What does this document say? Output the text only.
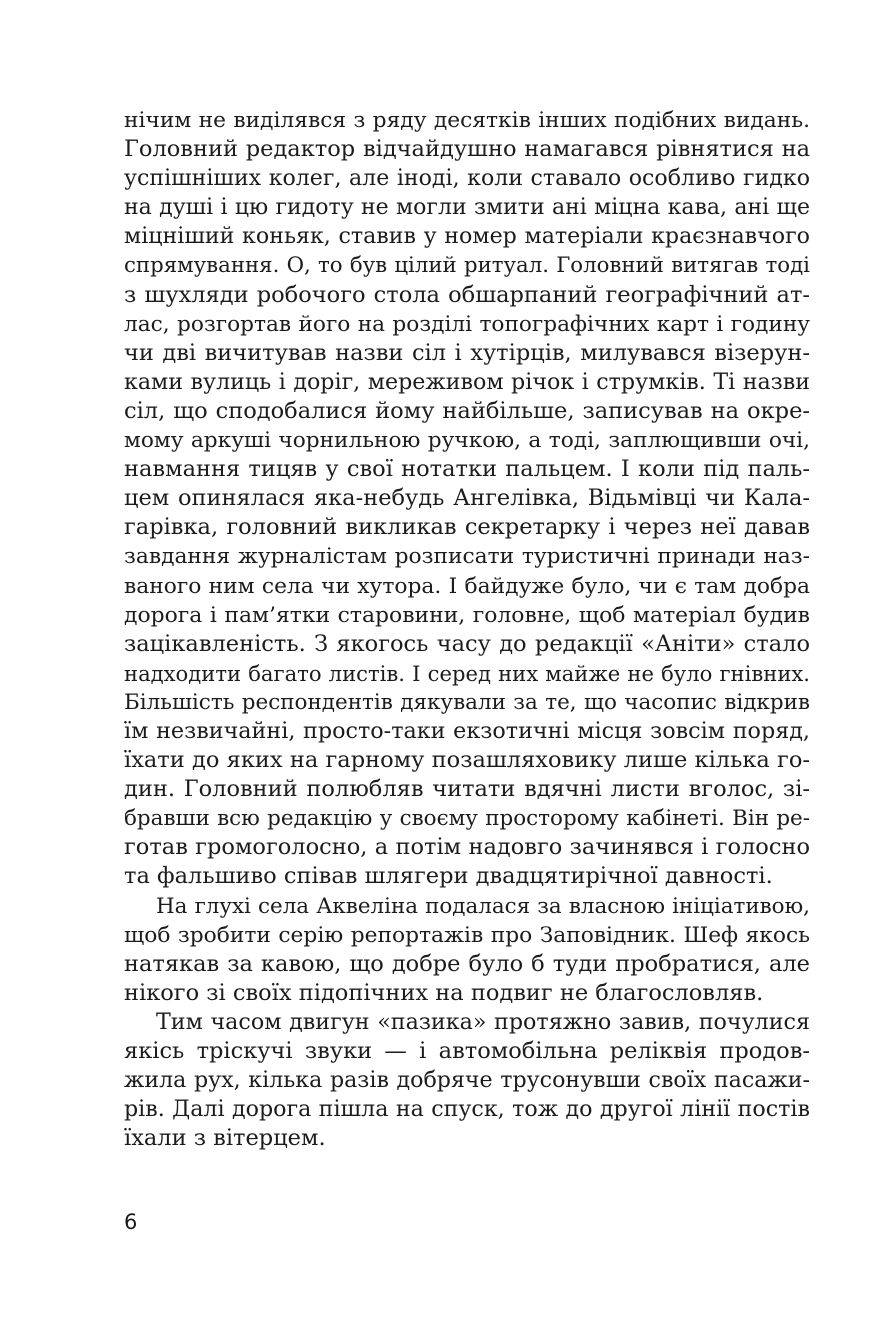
нічим не виділявся з ряду десятків інших подібних видань.
Головний редактор відчайдушно намагався рівнятися на
успішніших колег, але іноді, коли ставало особливо гидко
на душі і цю гидоту не могли змити ані міцна кава, ані ще
міцніший коньяк, ставив у номер матеріали краєзнавчого
спрямування. О, то був цілий ритуал. Головний витягав тоді
з шухляди робочого стола обшарпаний географічний ат-
лас, розгортав його на розділі топографічних карт і годину
чи дві вичитував назви сіл і хутірців, милувався візерун-
ками вулиць і доріг, мереживом річок і струмків. Ті назви
сіл, що сподобалися йому найбільше, записував на окре-
мому аркуші чорнильною ручкою, а тоді, заплющивши очі,
навмання тицяв у свої нотатки пальцем. І коли під паль-
цем опинялася яка-небудь Ангелівка, Відьмівці чи Кала-
гарівка, головний викликав секретарку і через неї давав
завдання журналістам розписати туристичні принади наз-
ваного ним села чи хутора. І байдуже було, чи є там добра
дорога і пам’ятки старовини, головне, щоб матеріал будив
зацікавленість. З якогось часу до редакції «Аніти» стало
надходити багато листів. І серед них майже не було гнівних.
Більшість респондентів дякували за те, що часопис відкрив
їм незвичайні, просто-таки екзотичні місця зовсім поряд,
їхати до яких на гарному позашляховику лише кілька го-
дин. Головний полюбляв читати вдячні листи вголос, зі-
бравши всю редакцію у своєму просторому кабінеті. Він ре-
готав громоголосно, а потім надовго зачинявся і голосно
та фальшиво співав шлягери двадцятирічної давності.
На глухі села Аквеліна подалася за власною ініціативою,
щоб зробити серію репортажів про Заповідник. Шеф якось
натякав за кавою, що добре було б туди пробратися, але
нікого зі своїх підопічних на подвиг не благословляв.
Тим часом двигун «пазика» протяжно завив, почулися
якісь тріскучі звуки — і автомобільна реліквія продов-
жила рух, кілька разів добряче трусонувши своїх пасажи-
рів. Далі дорога пішла на спуск, тож до другої лінії постів
їхали з вітерцем.
6
